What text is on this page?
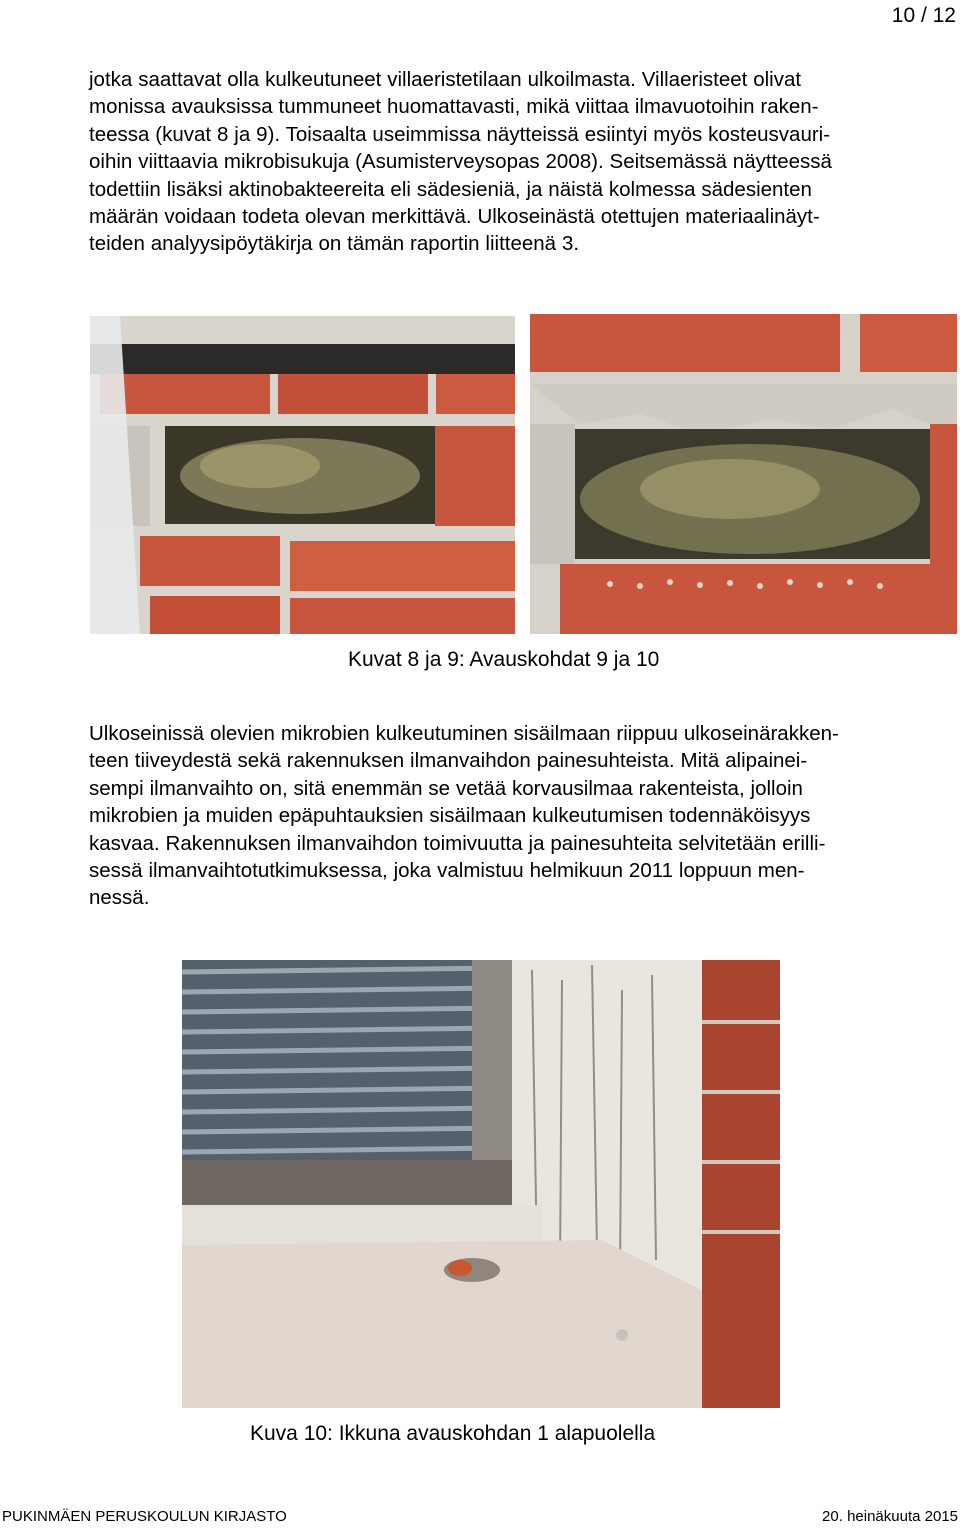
10 / 12
jotka saattavat olla kulkeutuneet villaeristetilaan ulkoilmasta. Villaeristeet olivat
monissa avauksissa tummuneet huomattavasti, mikä viittaa ilmavuotoihin raken-
teessa (kuvat 8 ja 9). Toisaalta useimmissa näytteissä esiintyi myös kosteusvauri-
oihin viittaavia mikrobisukuja (Asumisterveysopas 2008). Seitsemässä näytteessä
todettiin lisäksi aktinobakteereita eli sädesieniä, ja näistä kolmessa sädesienten
määrän voidaan todeta olevan merkittävä. Ulkoseinästä otettujen materiaalinäyt-
teiden analyysipöytäkirja on tämän raportin liitteenä 3.
Kuvat 8 ja 9: Avauskohdat 9 ja 10
Ulkoseinissä olevien mikrobien kulkeutuminen sisäilmaan riippuu ulkoseinärakken-
teen tiiveydestä sekä rakennuksen ilmanvaihdon painesuhteista. Mitä alipainei-
sempi ilmanvaihto on, sitä enemmän se vetää korvausilmaa rakenteista, jolloin
mikrobien ja muiden epäpuhtauksien sisäilmaan kulkeutumisen todennäköisyys
kasvaa. Rakennuksen ilmanvaihdon toimivuutta ja painesuhteita selvitetään erilli-
sessä ilmanvaihtotutkimuksessa, joka valmistuu helmikuun 2011 loppuun men-
nessä.
Kuva 10: Ikkuna avauskohdan 1 alapuolella
PUKINMÄEN PERUSKOULUN KIRJASTO	20. heinäkuuta 2015
